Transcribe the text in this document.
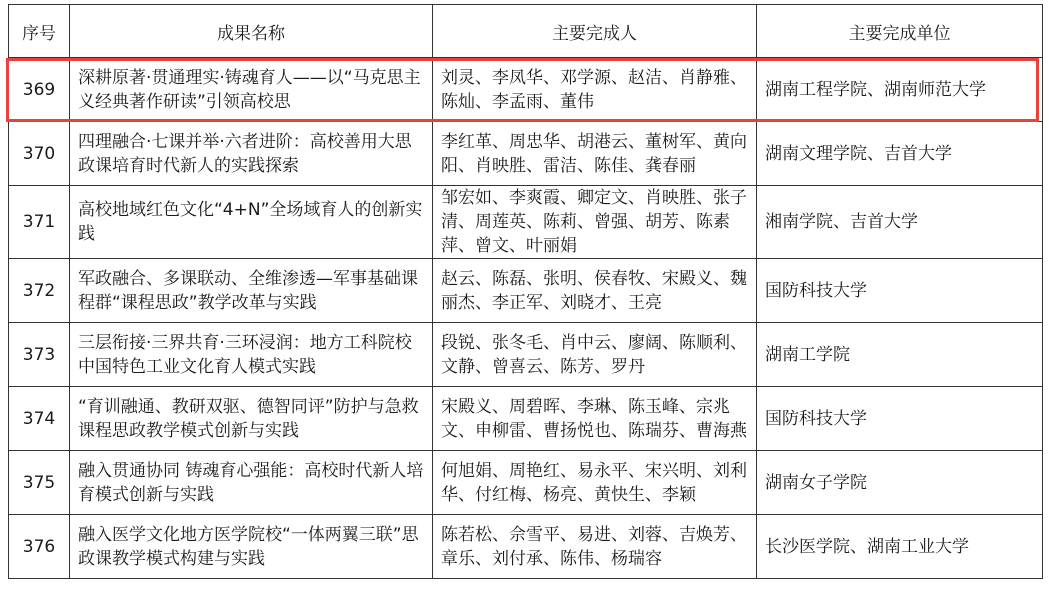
序号	成果名称	主要完成人	主要完成单位
369	深耕原著·贯通理实·铸魂育人——以“马克思主义经典著作研读”引领高校思	刘灵、李凤华、邓学源、赵洁、肖静雅、陈灿、李孟雨、董伟	湖南工程学院、湖南师范大学
370	四理融合·七课并举·六者进阶：高校善用大思政课培育时代新人的实践探索	李红革、周忠华、胡港云、董树军、黄向阳、肖映胜、雷洁、陈佳、龚春丽	湖南文理学院、吉首大学
371	高校地域红色文化“4+N”全场域育人的创新实践	邹宏如、李爽霞、卿定文、肖映胜、张子清、周莲英、陈莉、曾强、胡芳、陈素萍、曾文、叶丽娟	湘南学院、吉首大学
372	军政融合、多课联动、全维渗透—军事基础课程群“课程思政”教学改革与实践	赵云、陈磊、张明、侯春牧、宋殿义、魏丽杰、李正军、刘晓才、王亮	国防科技大学
373	三层衔接·三界共育·三环浸润：地方工科院校中国特色工业文化育人模式实践	段锐、张冬毛、肖中云、廖阔、陈顺利、文静、曾喜云、陈芳、罗丹	湖南工学院
374	“育训融通、教研双驱、德智同评”防护与急救课程思政教学模式创新与实践	宋殿义、周碧晖、李琳、陈玉峰、宗兆文、申柳雷、曹扬悦也、陈瑞芬、曹海燕	国防科技大学
375	融入贯通协同 铸魂育心强能：高校时代新人培育模式创新与实践	何旭娟、周艳红、易永平、宋兴明、刘利华、付红梅、杨亮、黄快生、李颖	湖南女子学院
376	融入医学文化地方医学院校“一体两翼三联”思政课教学模式构建与实践	陈若松、佘雪平、易进、刘蓉、吉焕芳、章乐、刘付承、陈伟、杨瑞容	长沙医学院、湖南工业大学
